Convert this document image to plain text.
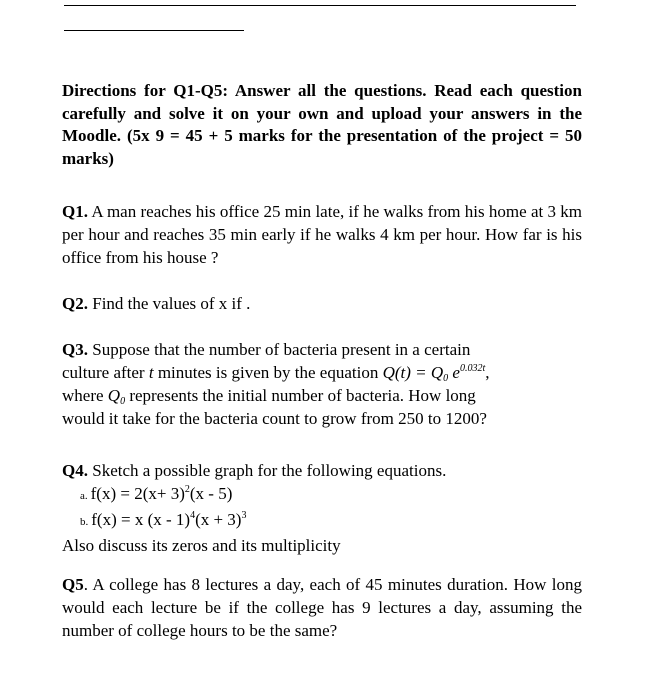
Directions for Q1-Q5: Answer all the questions. Read each question carefully and solve it on your own and upload your answers in the Moodle. (5x 9 = 45 + 5 marks for the presentation of the project = 50 marks)
Q1. A man reaches his office 25 min late, if he walks from his home at 3 km per hour and reaches 35 min early if he walks 4 km per hour. How far is his office from his house ?
Q2. Find the values of x if .
Q3. Suppose that the number of bacteria present in a certain
culture after t minutes is given by the equation $Q(t) = Q_0$ $e^{0.032t}$,
where $Q_0$ represents the initial number of bacteria. How long
would it take for the bacteria count to grow from 250 to 1200?
Q4. Sketch a possible graph for the following equations.
a. $f(x) = 2(x+ 3)^2(x - 5)$
b. f(x) = x $(x - 1)^4(x + 3)^3$
Also discuss its zeros and its multiplicity
Q5. A college has 8 lectures a day, each of 45 minutes duration. How long would each lecture be if the college has 9 lectures a day, assuming the number of college hours to be the same?
